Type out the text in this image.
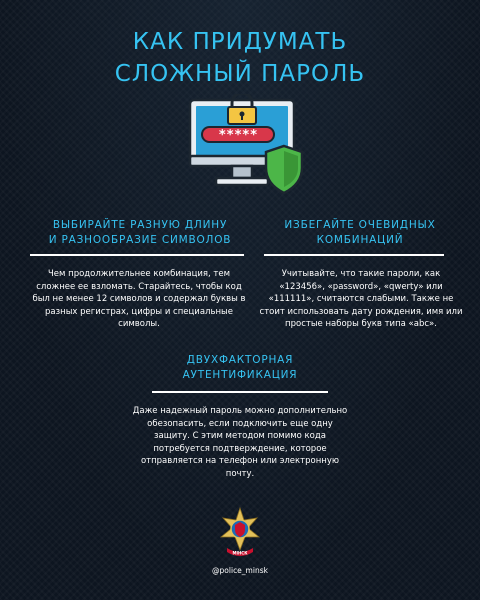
КАК ПРИДУМАТЬ
СЛОЖНЫЙ ПАРОЛЬ
*****
ВЫБИРАЙТЕ РАЗНУЮ ДЛИНУ
И РАЗНООБРАЗИЕ СИМВОЛОВ
Чем продолжительнее комбинация, тем сложнее ее взломать. Старайтесь, чтобы код был не менее 12 символов и содержал буквы в разных регистрах, цифры и специальные символы.
ИЗБЕГАЙТЕ ОЧЕВИДНЫХ
КОМБИНАЦИЙ
Учитывайте, что такие пароли, как «123456», «password», «qwerty» или «111111», считаются слабыми. Также не стоит использовать дату рождения, имя или простые наборы букв типа «abc».
ДВУХФАКТОРНАЯ
АУТЕНТИФИКАЦИЯ
Даже надежный пароль можно дополнительно обезопасить, если подключить еще одну защиту. С этим методом помимо кода потребуется подтверждение, которое отправляется на телефон или электронную почту.
МІНСК
@police_minsk
